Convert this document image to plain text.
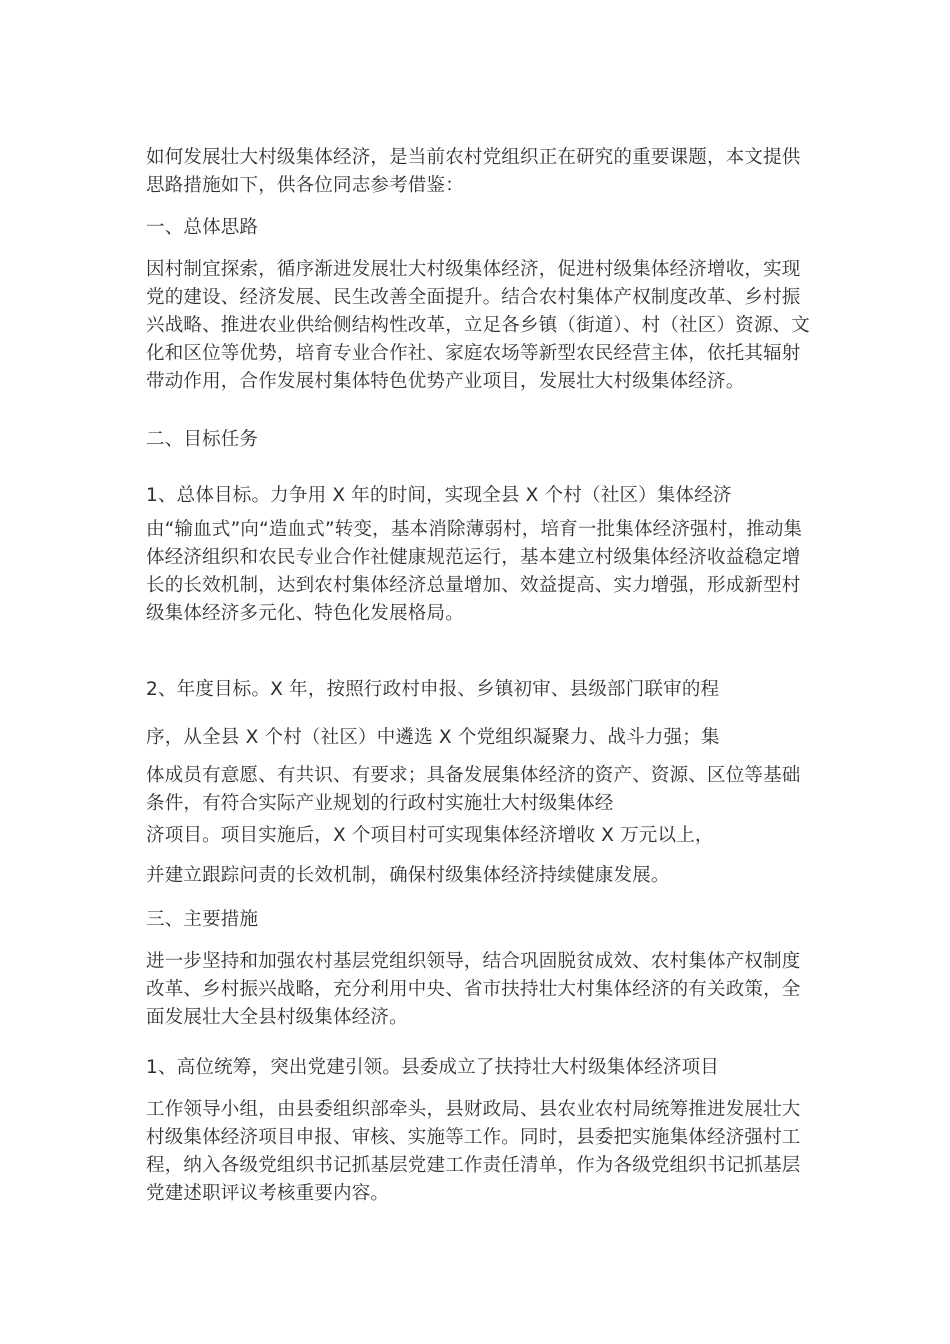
如何发展壮大村级集体经济，是当前农村党组织正在研究的重要课题，本文提供思路措施如下，供各位同志参考借鉴：

一、总体思路

因村制宜探索，循序渐进发展壮大村级集体经济，促进村级集体经济增收，实现党的建设、经济发展、民生改善全面提升。结合农村集体产权制度改革、乡村振兴战略、推进农业供给侧结构性改革，立足各乡镇（街道）、村（社区）资源、文化和区位等优势，培育专业合作社、家庭农场等新型农民经营主体，依托其辐射带动作用，合作发展村集体特色优势产业项目，发展壮大村级集体经济。

二、目标任务

1、总体目标。力争用 X 年的时间，实现全县 X 个村（社区）集体经济

由“输血式”向“造血式”转变，基本消除薄弱村，培育一批集体经济强村，推动集体经济组织和农民专业合作社健康规范运行，基本建立村级集体经济收益稳定增长的长效机制，达到农村集体经济总量增加、效益提高、实力增强，形成新型村级集体经济多元化、特色化发展格局。

2、年度目标。X 年，按照行政村申报、乡镇初审、县级部门联审的程

序，从全县 X 个村（社区）中遴选 X 个党组织凝聚力、战斗力强；集

体成员有意愿、有共识、有要求；具备发展集体经济的资产、资源、区位等基础条件，有符合实际产业规划的行政村实施壮大村级集体经

济项目。项目实施后，X 个项目村可实现集体经济增收 X 万元以上，

并建立跟踪问责的长效机制，确保村级集体经济持续健康发展。

三、主要措施

进一步坚持和加强农村基层党组织领导，结合巩固脱贫成效、农村集体产权制度改革、乡村振兴战略，充分利用中央、省市扶持壮大村集体经济的有关政策，全面发展壮大全县村级集体经济。

1、高位统筹，突出党建引领。县委成立了扶持壮大村级集体经济项目

工作领导小组，由县委组织部牵头，县财政局、县农业农村局统筹推进发展壮大村级集体经济项目申报、审核、实施等工作。同时，县委把实施集体经济强村工程，纳入各级党组织书记抓基层党建工作责任清单，作为各级党组织书记抓基层党建述职评议考核重要内容。
